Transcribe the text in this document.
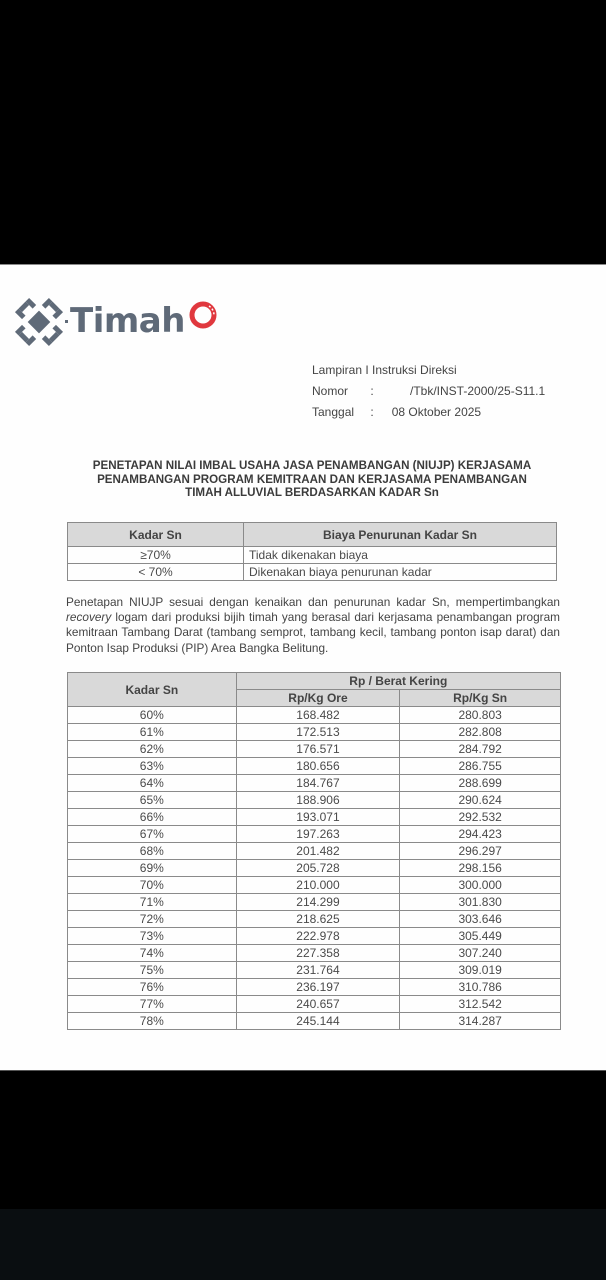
Timah
Lampiran I Instruksi Direksi
Nomor :	/Tbk/INST-2000/25-S11.1
Tanggal : 08 Oktober 2025
PENETAPAN NILAI IMBAL USAHA JASA PENAMBANGAN (NIUJP) KERJASAMA
PENAMBANGAN PROGRAM KEMITRAAN DAN KERJASAMA PENAMBANGAN
TIMAH ALLUVIAL BERDASARKAN KADAR Sn
Kadar Sn	Biaya Penurunan Kadar Sn
≥70%	Tidak dikenakan biaya
< 70%	Dikenakan biaya penurunan kadar

Penetapan NIUJP sesuai dengan kenaikan dan penurunan kadar Sn, mempertimbangkan recovery logam dari produksi bijih timah yang berasal dari kerjasama penambangan program kemitraan Tambang Darat (tambang semprot, tambang kecil, tambang ponton isap darat) dan Ponton Isap Produksi (PIP) Area Bangka Belitung.

Kadar Sn	Rp / Berat Kering	
	Rp/Kg Ore	Rp/Kg Sn
60%	168.482	280.803
61%	172.513	282.808
62%	176.571	284.792
63%	180.656	286.755
64%	184.767	288.699
65%	188.906	290.624
66%	193.071	292.532
67%	197.263	294.423
68%	201.482	296.297
69%	205.728	298.156
70%	210.000	300.000
71%	214.299	301.830
72%	218.625	303.646
73%	222.978	305.449
74%	227.358	307.240
75%	231.764	309.019
76%	236.197	310.786
77%	240.657	312.542
78%	245.144	314.287
